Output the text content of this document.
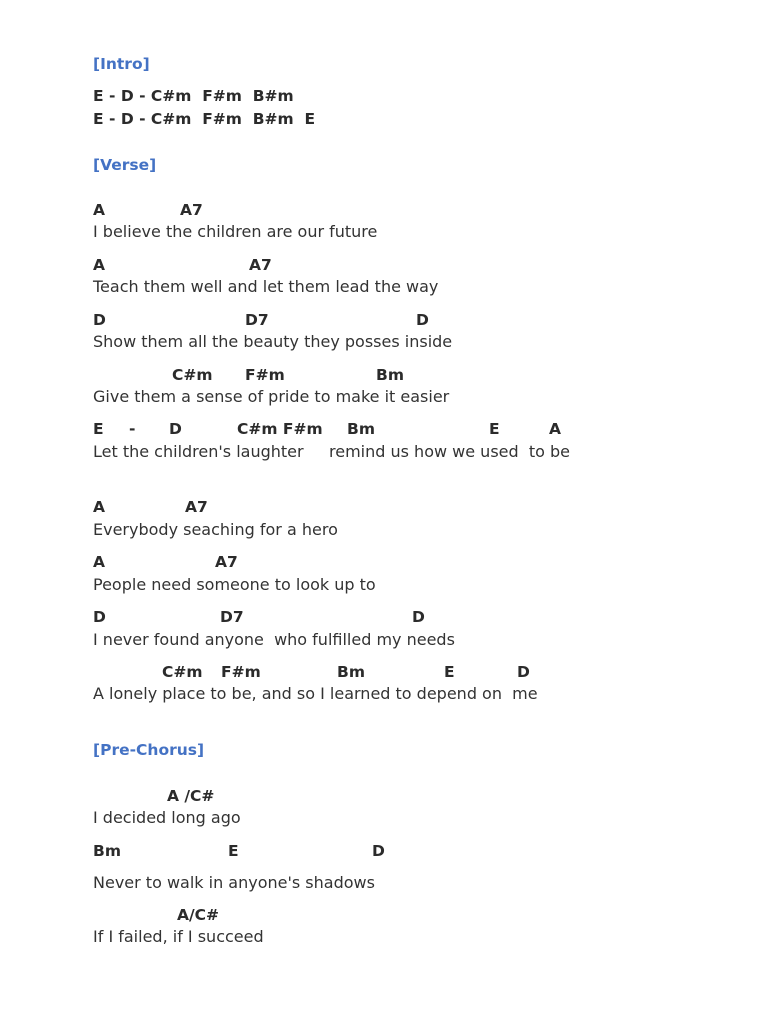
[Intro]
E - D - C#m  F#m  B#m
E - D - C#m  F#m  B#m  E
[Verse]
A	A7
I believe the children are our future
A	A7
Teach them well and let them lead the way
D	D7	D
Show them all the beauty they posses inside
C#m F#m	Bm
Give them a sense of pride to make it easier
E - D	C#m F#m Bm	E	A
Let the children's laughter     remind us how we used  to be
A	A7
Everybody seaching for a hero
A	A7
People need someone to look up to
D	D7	D
I never found anyone  who fulfilled my needs
C#m F#m	Bm	E	D
A lonely place to be, and so I learned to depend on  me
[Pre-Chorus]
A /C#
I decided long ago
Bm	E	D
Never to walk in anyone's shadows
A/C#
If I failed, if I succeed
